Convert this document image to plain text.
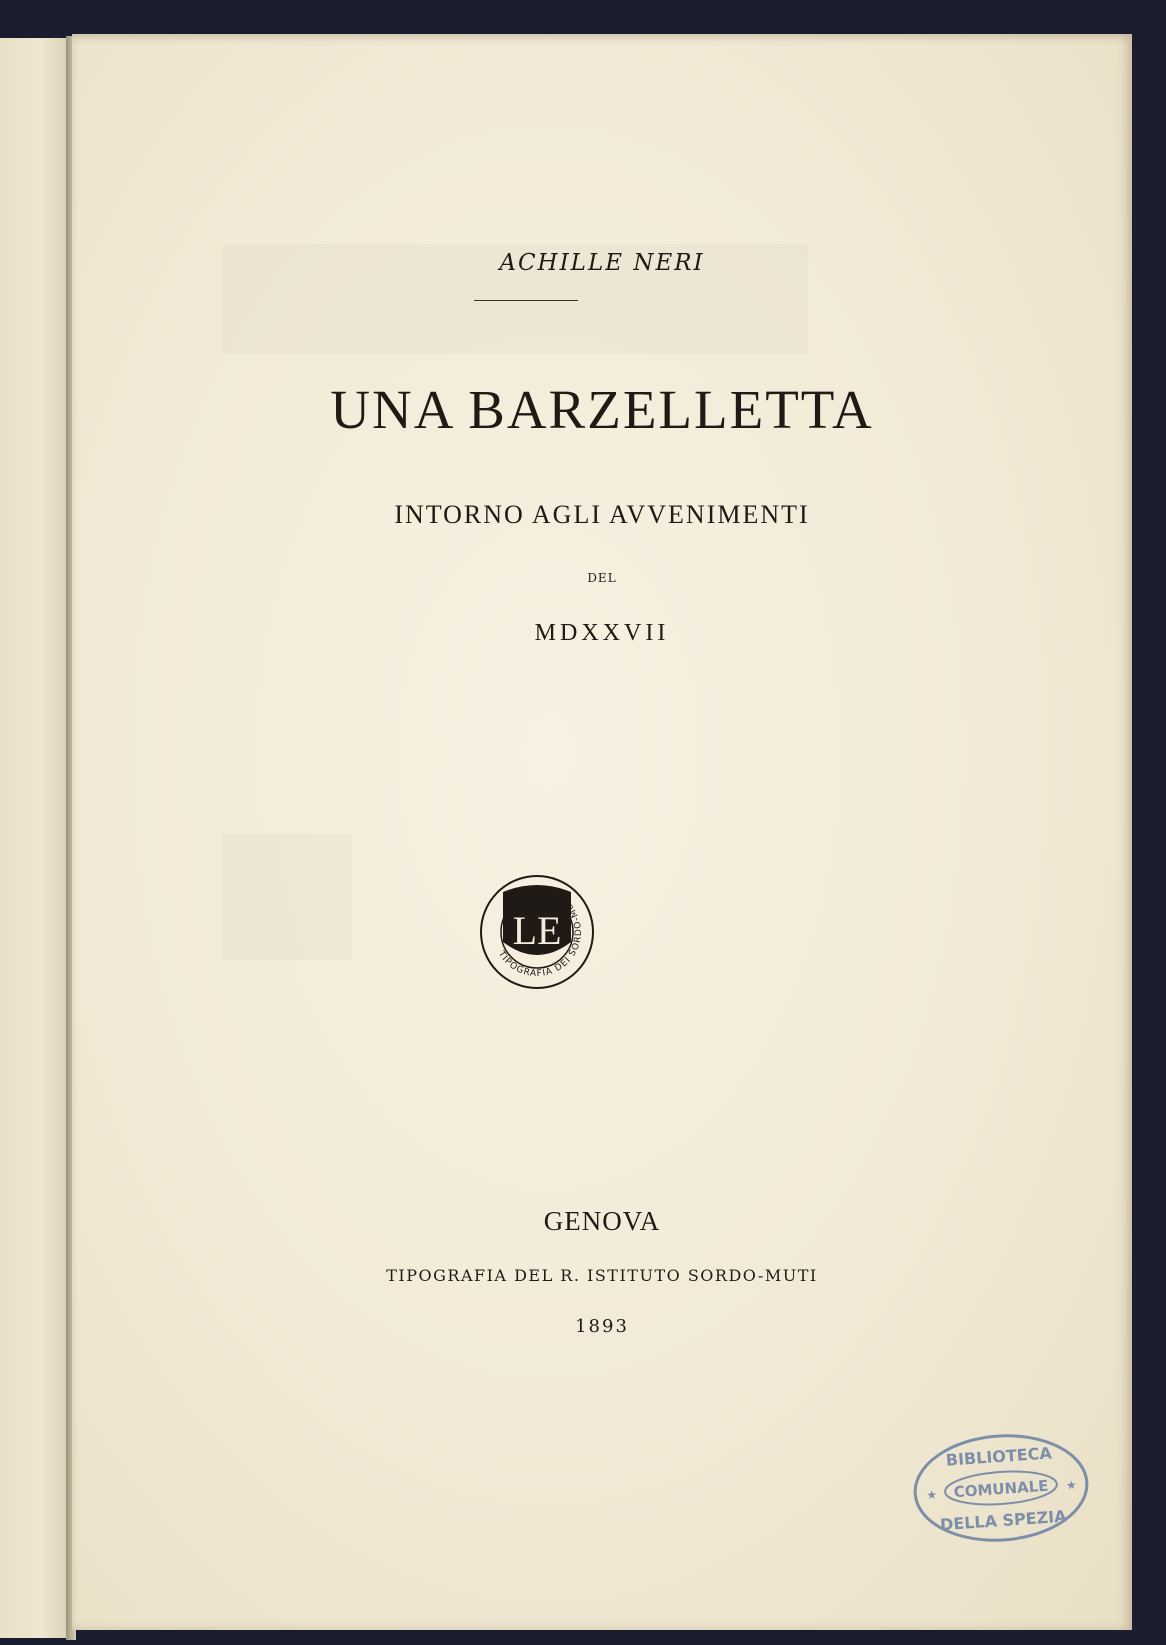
ACHILLE NERI

UNA BARZELLETTA

INTORNO AGLI AVVENIMENTI

DEL

MDXXVII

LE
TIPOGRAFIA DEI SORDO-MUTI

GENOVA

TIPOGRAFIA DEL R. ISTITUTO SORDO-MUTI

1893

BIBLIOTECA
COMUNALE
DELLA SPEZIA
★
★
